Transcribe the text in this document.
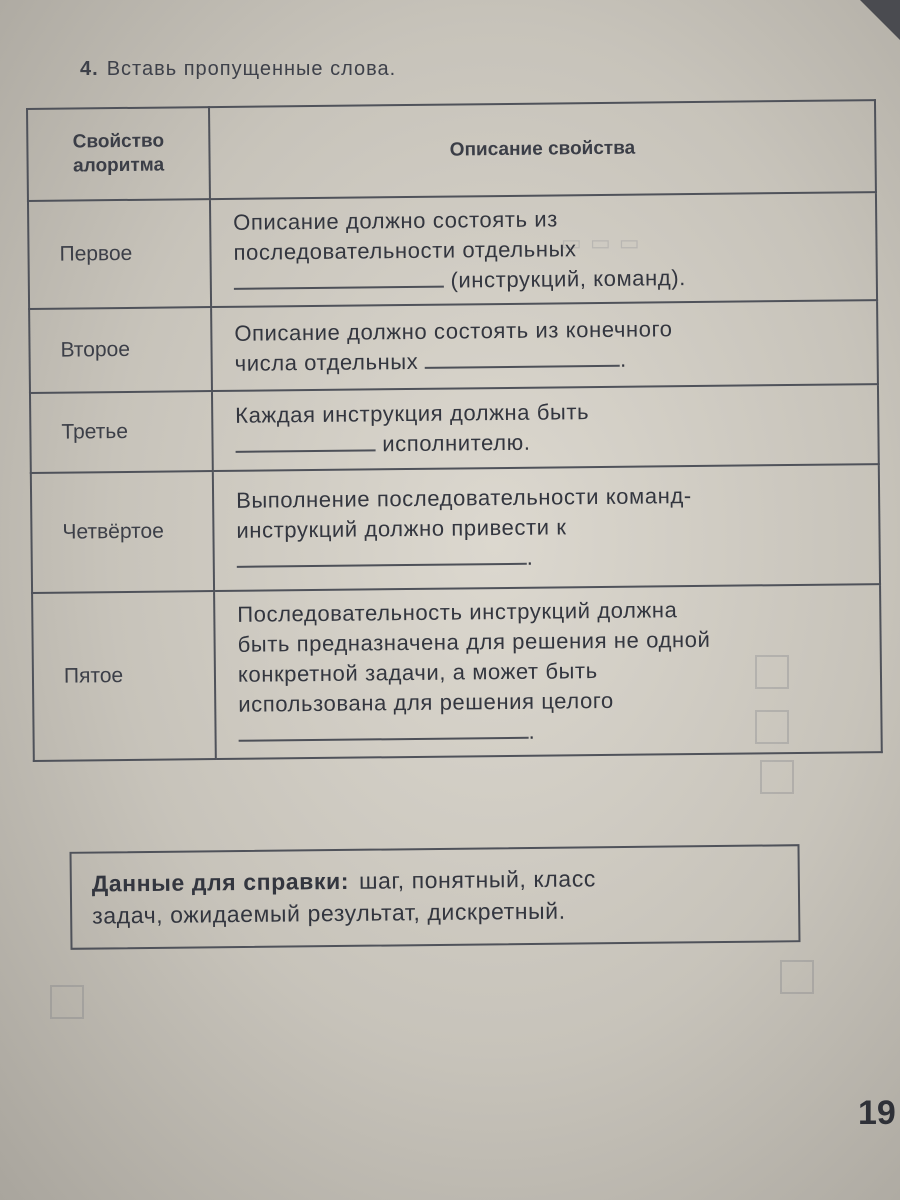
▭ ▭ ▭
4. Вставь пропущенные слова.
Свойство алоритма	Описание свойства
Первое	Описание должно состоять из
последовательности отдельных
(инструкций, команд).

Второе	Описание должно состоять из конечного
числа отдельных .

Третье	Каждая инструкция должна быть
исполнителю.

Четвёртое	Выполнение последовательности команд-
инструкций должно привести к
.

Пятое	Последовательность инструкций должна
быть предназначена для решения не одной
конкретной задачи, а может быть
использована для решения целого
.
Данные для справки: шаг, понятный, класс
задач, ожидаемый результат, дискретный.
19
